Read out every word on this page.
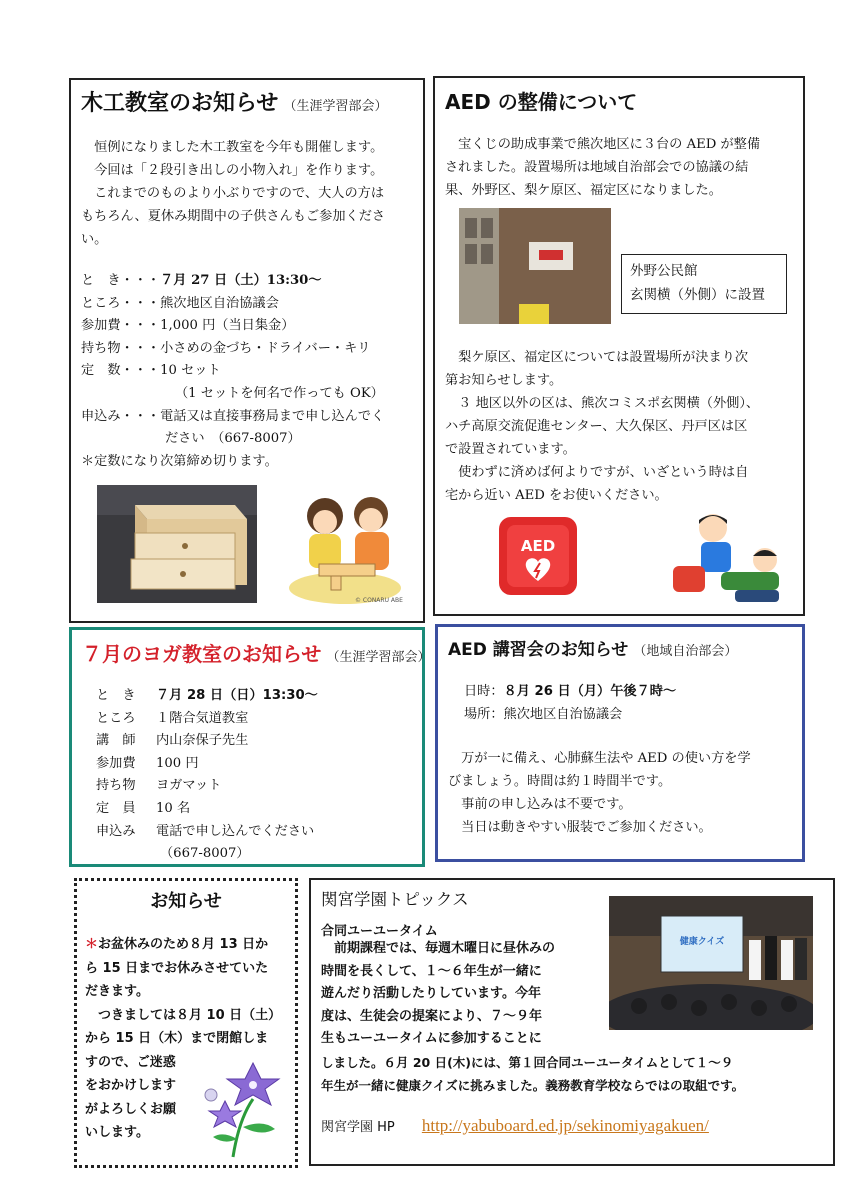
木工教室のお知らせ （生涯学習部会）
　恒例になりました木工教室を今年も開催します。
　今回は「２段引き出しの小物入れ」を作ります。
　これまでのものより小ぶりですので、大人の方は
もちろん、夏休み期間中の子供さんもご参加くださ
い。
と　き・・・７月 27 日（土）13:30～
ところ・・・熊次地区自治協議会
参加費・・・1,000 円（当日集金）
持ち物・・・小さめの金づち・ドライバー・キリ
定　数・・・10 セット
（1 セットを何名で作っても OK）
申込み・・・電話又は直接事務局まで申し込んでく
ださい　（667-8007）
＊定数になり次第締め切ります。
© CONARU ABE
AED の整備について
　宝くじの助成事業で熊次地区に３台の AED が整備
されました。設置場所は地域自治部会での協議の結
果、外野区、梨ケ原区、福定区になりました。
外野公民館
玄関横（外側）に設置
　梨ケ原区、福定区については設置場所が決まり次
第お知らせします。
　３ 地区以外の区は、熊次コミスポ玄関横（外側）、
ハチ高原交流促進センター、大久保区、丹戸区は区
で設置されています。
　使わずに済めば何よりですが、いざという時は自
宅から近い AED をお使いください。
AED
７月のヨガ教室のお知らせ （生涯学習部会）
と　き ７月 28 日（日）13:30～
ところ １階合気道教室
講　師 内山奈保子先生
参加費 100 円
持ち物 ヨガマット
定　員 10 名
申込み 電話で申し込んでください
（667-8007）
AED 講習会のお知らせ （地域自治部会）
日時：８月 26 日（月）午後７時～
場所：熊次地区自治協議会
　万が一に備え、心肺蘇生法や AED の使い方を学
びましょう。時間は約１時間半です。
　事前の申し込みは不要です。
　当日は動きやすい服装でご参加ください。
お知らせ
＊お盆休みのため８月 13 日か
ら 15 日までお休みさせていた
だきます。
　つきましては８月 10 日（土）
から 15 日（木）まで閉館しま
すので、ご迷惑
をおかけします
がよろしくお願
いします。
関宮学園トピックス
合同ユーユータイム
　前期課程では、毎週木曜日に昼休みの
時間を長くして、１～６年生が一緒に
遊んだり活動したりしています。今年
度は、生徒会の提案により、７～９年
生もユーユータイムに参加することに
しました。６月 20 日(木)には、第１回合同ユーユータイムとして１～９
年生が一緒に健康クイズに挑みました。義務教育学校ならではの取組です。
健康クイズ
関宮学園 HP http://yabuboard.ed.jp/sekinomiyagakuen/
